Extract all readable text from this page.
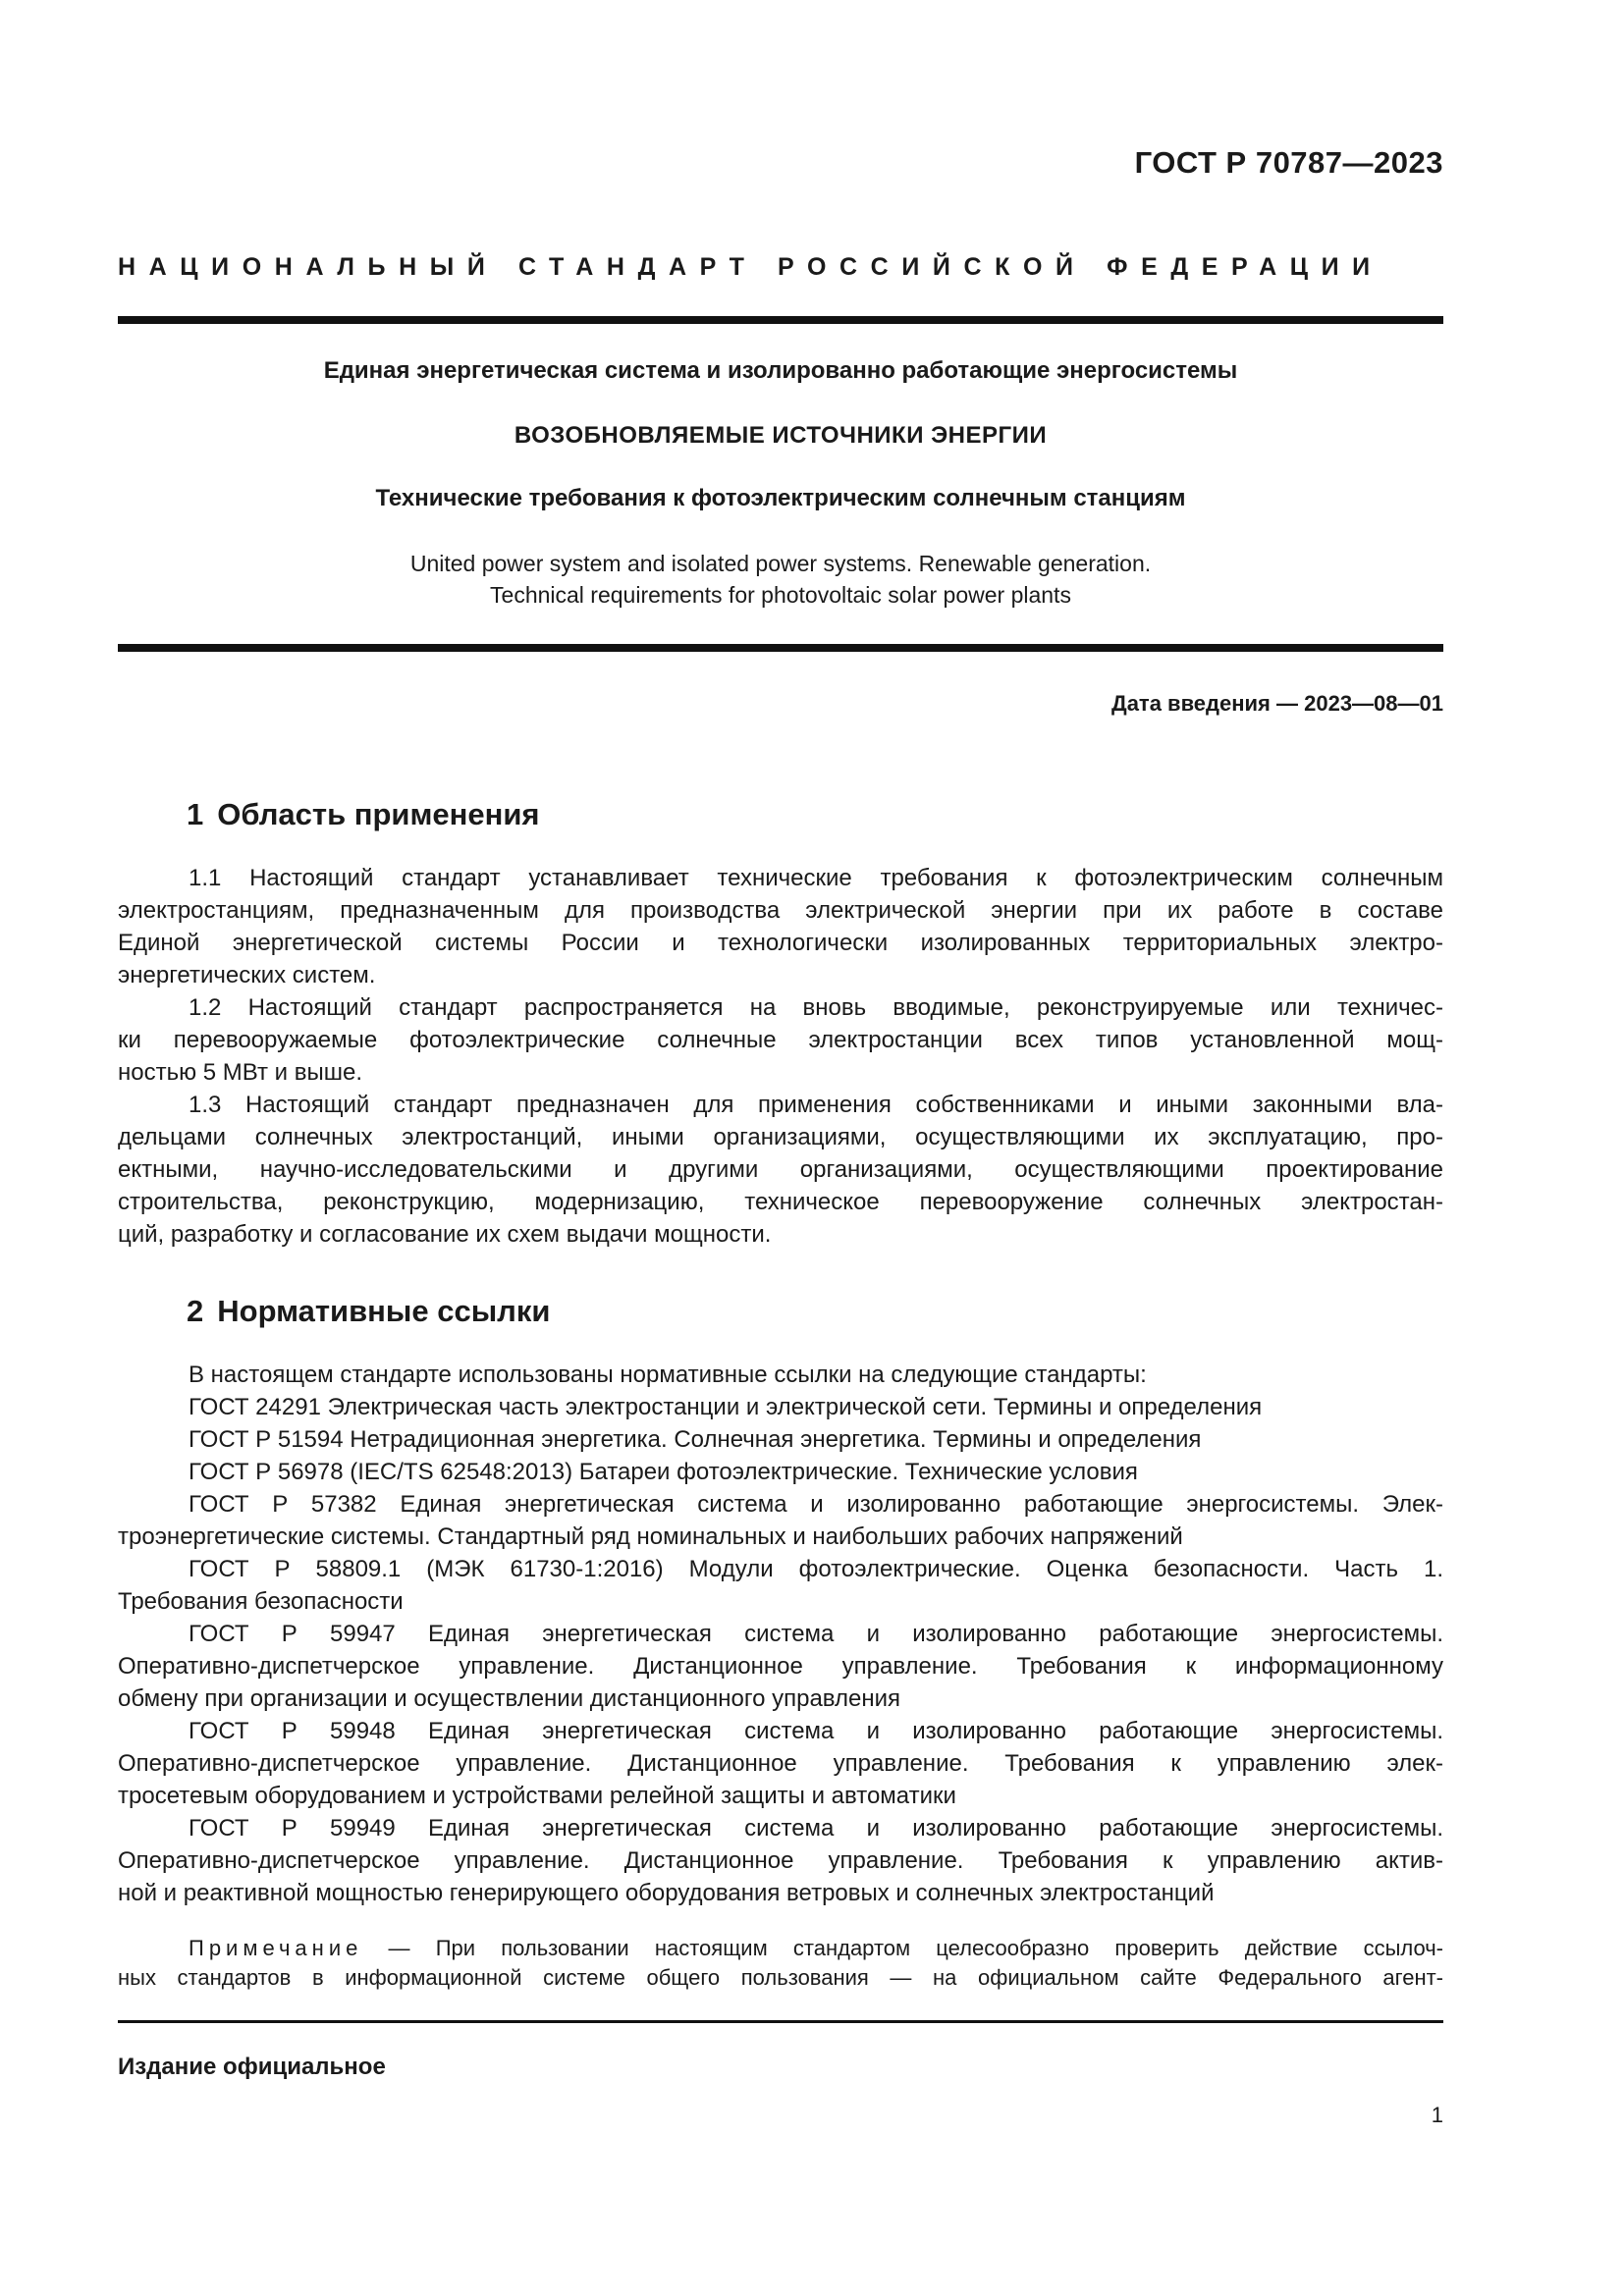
ГОСТ Р 70787—2023
НАЦИОНАЛЬНЫЙ СТАНДАРТ РОССИЙСКОЙ ФЕДЕРАЦИИ
Единая энергетическая система и изолированно работающие энергосистемы
ВОЗОБНОВЛЯЕМЫЕ ИСТОЧНИКИ ЭНЕРГИИ
Технические требования к фотоэлектрическим солнечным станциям
United power system and isolated power systems. Renewable generation.
Technical requirements for photovoltaic solar power plants
Дата введения — 2023—08—01
1 Область применения
1.1 Настоящий стандарт устанавливает технические требования к фотоэлектрическим солнечным
электростанциям, предназначенным для производства электрической энергии при их работе в составе
Единой энергетической системы России и технологически изолированных территориальных электро-
энергетических систем.
1.2 Настоящий стандарт распространяется на вновь вводимые, реконструируемые или техничес-
ки перевооружаемые фотоэлектрические солнечные электростанции всех типов установленной мощ-
ностью 5 МВт и выше.
1.3 Настоящий стандарт предназначен для применения собственниками и иными законными вла-
дельцами солнечных электростанций, иными организациями, осуществляющими их эксплуатацию, про-
ектными, научно-исследовательскими и другими организациями, осуществляющими проектирование
строительства, реконструкцию, модернизацию, техническое перевооружение солнечных электростан-
ций, разработку и согласование их схем выдачи мощности.
2 Нормативные ссылки
В настоящем стандарте использованы нормативные ссылки на следующие стандарты:
ГОСТ 24291 Электрическая часть электростанции и электрической сети. Термины и определения
ГОСТ Р 51594 Нетрадиционная энергетика. Солнечная энергетика. Термины и определения
ГОСТ Р 56978 (IEC/TS 62548:2013) Батареи фотоэлектрические. Технические условия
ГОСТ Р 57382 Единая энергетическая система и изолированно работающие энергосистемы. Элек-
троэнергетические системы. Стандартный ряд номинальных и наибольших рабочих напряжений
ГОСТ Р 58809.1 (МЭК 61730-1:2016) Модули фотоэлектрические. Оценка безопасности. Часть 1.
Требования безопасности
ГОСТ Р 59947 Единая энергетическая система и изолированно работающие энергосистемы.
Оперативно-диспетчерское управление. Дистанционное управление. Требования к информационному
обмену при организации и осуществлении дистанционного управления
ГОСТ Р 59948 Единая энергетическая система и изолированно работающие энергосистемы.
Оперативно-диспетчерское управление. Дистанционное управление. Требования к управлению элек-
тросетевым оборудованием и устройствами релейной защиты и автоматики
ГОСТ Р 59949 Единая энергетическая система и изолированно работающие энергосистемы.
Оперативно-диспетчерское управление. Дистанционное управление. Требования к управлению актив-
ной и реактивной мощностью генерирующего оборудования ветровых и солнечных электростанций
Примечание — При пользовании настоящим стандартом целесообразно проверить действие ссылоч-
ных стандартов в информационной системе общего пользования — на официальном сайте Федерального агент-
Издание официальное
1
